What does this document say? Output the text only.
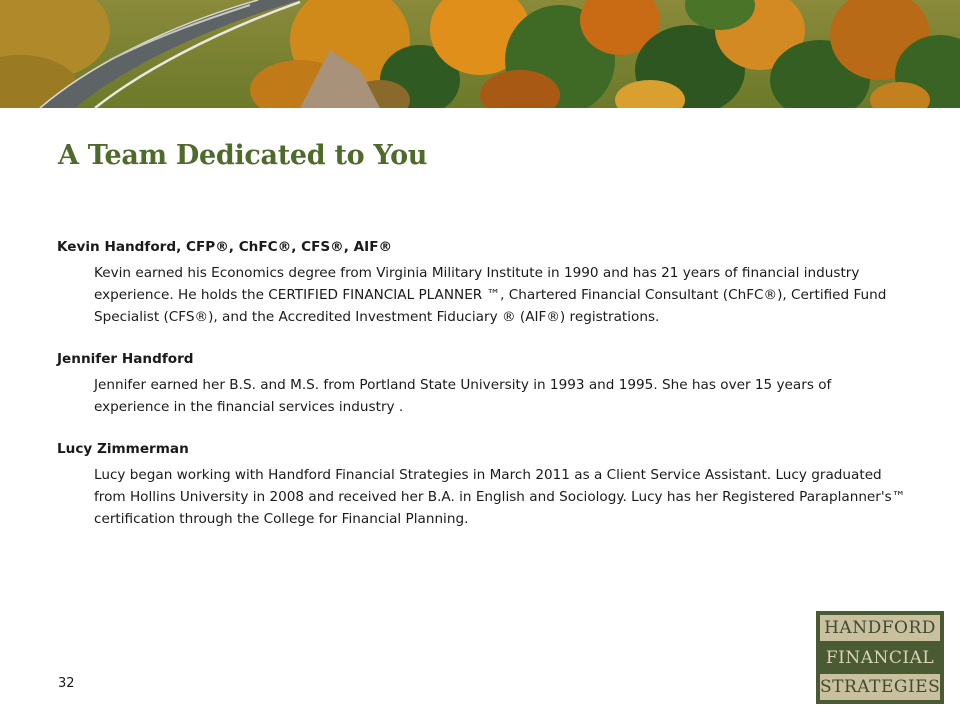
A Team Dedicated to You
Kevin Handford, CFP®, ChFC®, CFS®, AIF®
Kevin earned his Economics degree from Virginia Military Institute in 1990 and has 21 years of financial industry experience. He holds the CERTIFIED FINANCIAL PLANNER ™, Chartered Financial Consultant (ChFC®), Certified Fund Specialist (CFS®), and the Accredited Investment Fiduciary ® (AIF®) registrations.
Jennifer Handford
Jennifer earned her B.S. and M.S. from Portland State University in 1993 and 1995. She has over 15 years of experience in the financial services industry .
Lucy Zimmerman
Lucy began working with Handford Financial Strategies in March 2011 as a Client Service Assistant. Lucy graduated from Hollins University in 2008 and received her B.A. in English and Sociology. Lucy has her Registered Paraplanner's™ certification through the College for Financial Planning.
32
HANDFORD
FINANCIAL
STRATEGIES
